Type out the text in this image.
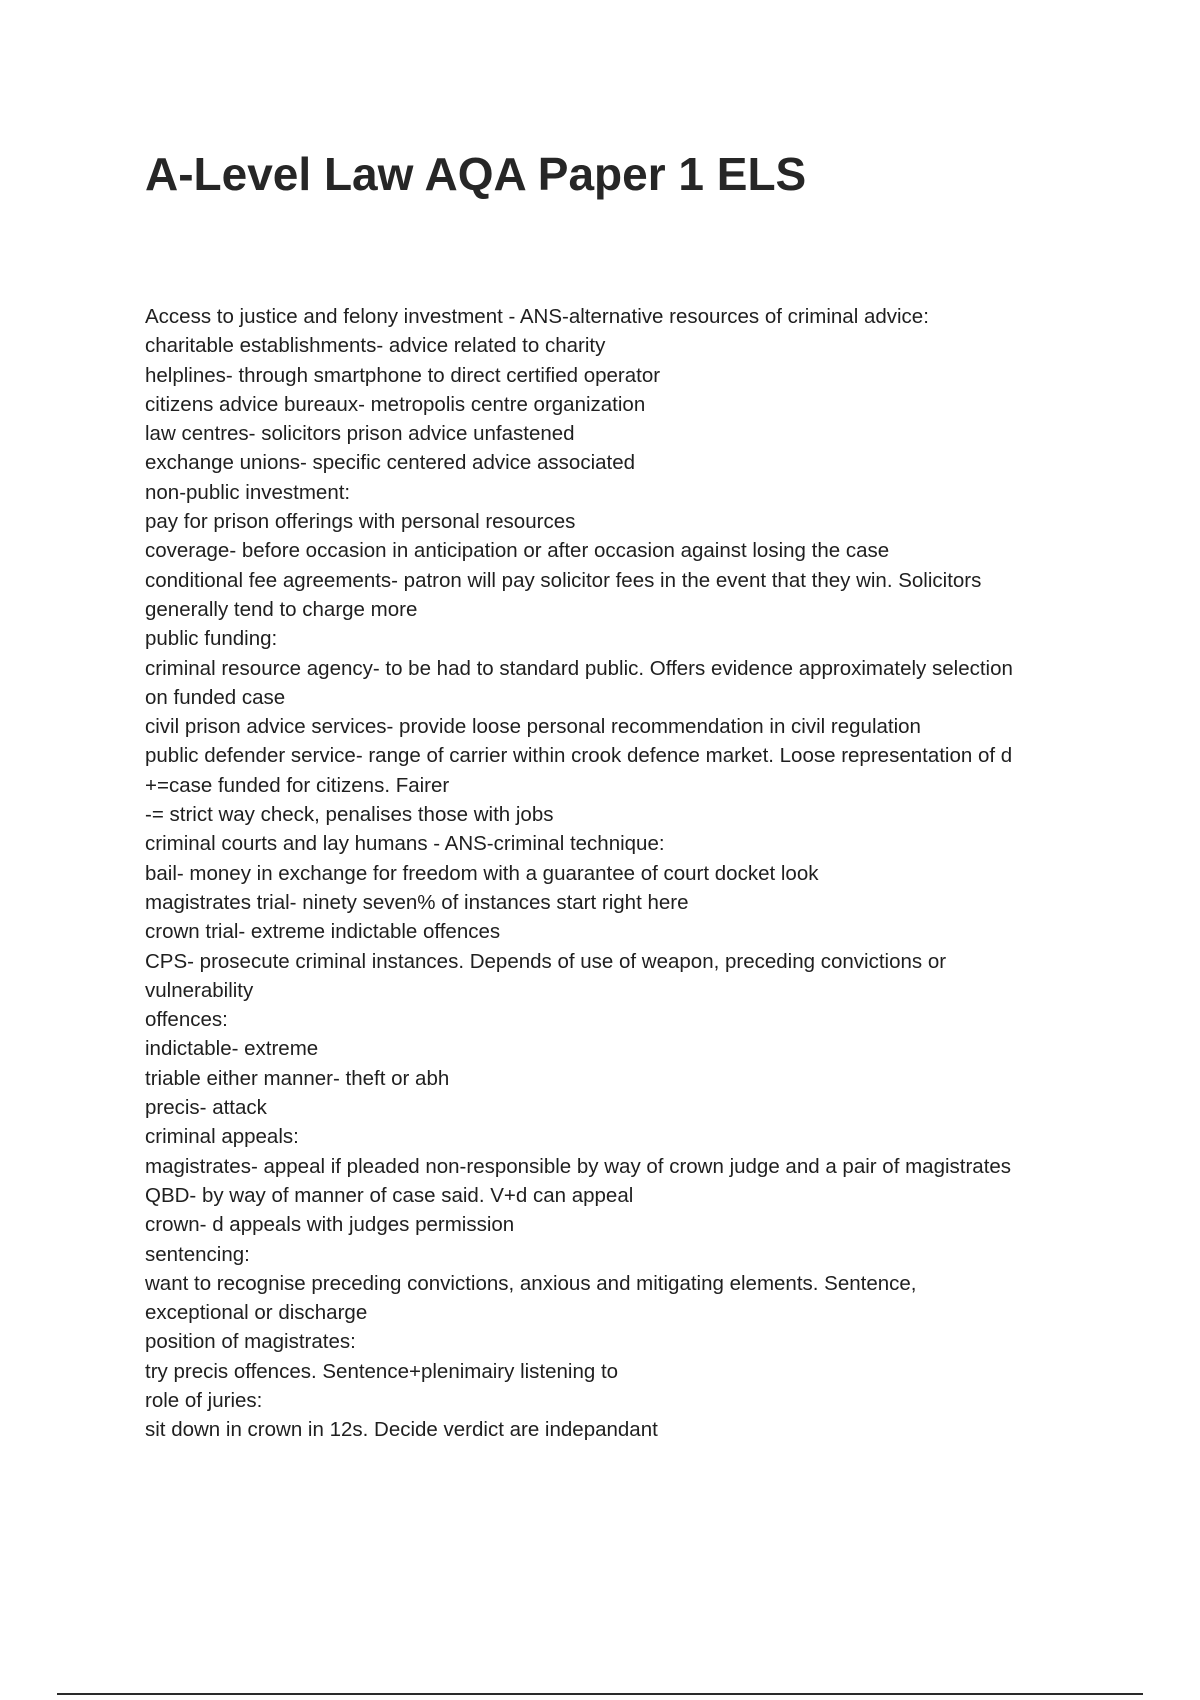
A-Level Law AQA Paper 1 ELS
Access to justice and felony investment - ANS-alternative resources of criminal advice:
charitable establishments- advice related to charity
helplines- through smartphone to direct certified operator
citizens advice bureaux- metropolis centre organization
law centres- solicitors prison advice unfastened
exchange unions- specific centered advice associated
non-public investment:
pay for prison offerings with personal resources
coverage- before occasion in anticipation or after occasion against losing the case
conditional fee agreements- patron will pay solicitor fees in the event that they win. Solicitors
generally tend to charge more
public funding:
criminal resource agency- to be had to standard public. Offers evidence approximately selection
on funded case
civil prison advice services- provide loose personal recommendation in civil regulation
public defender service- range of carrier within crook defence market. Loose representation of d
+=case funded for citizens. Fairer
-= strict way check, penalises those with jobs
criminal courts and lay humans - ANS-criminal technique:
bail- money in exchange for freedom with a guarantee of court docket look
magistrates trial- ninety seven% of instances start right here
crown trial- extreme indictable offences
CPS- prosecute criminal instances. Depends of use of weapon, preceding convictions or
vulnerability
offences:
indictable- extreme
triable either manner- theft or abh
precis- attack
criminal appeals:
magistrates- appeal if pleaded non-responsible by way of crown judge and a pair of magistrates
QBD- by way of manner of case said. V+d can appeal
crown- d appeals with judges permission
sentencing:
want to recognise preceding convictions, anxious and mitigating elements. Sentence,
exceptional or discharge
position of magistrates:
try precis offences. Sentence+plenimairy listening to
role of juries:
sit down in crown in 12s. Decide verdict are indepandant
